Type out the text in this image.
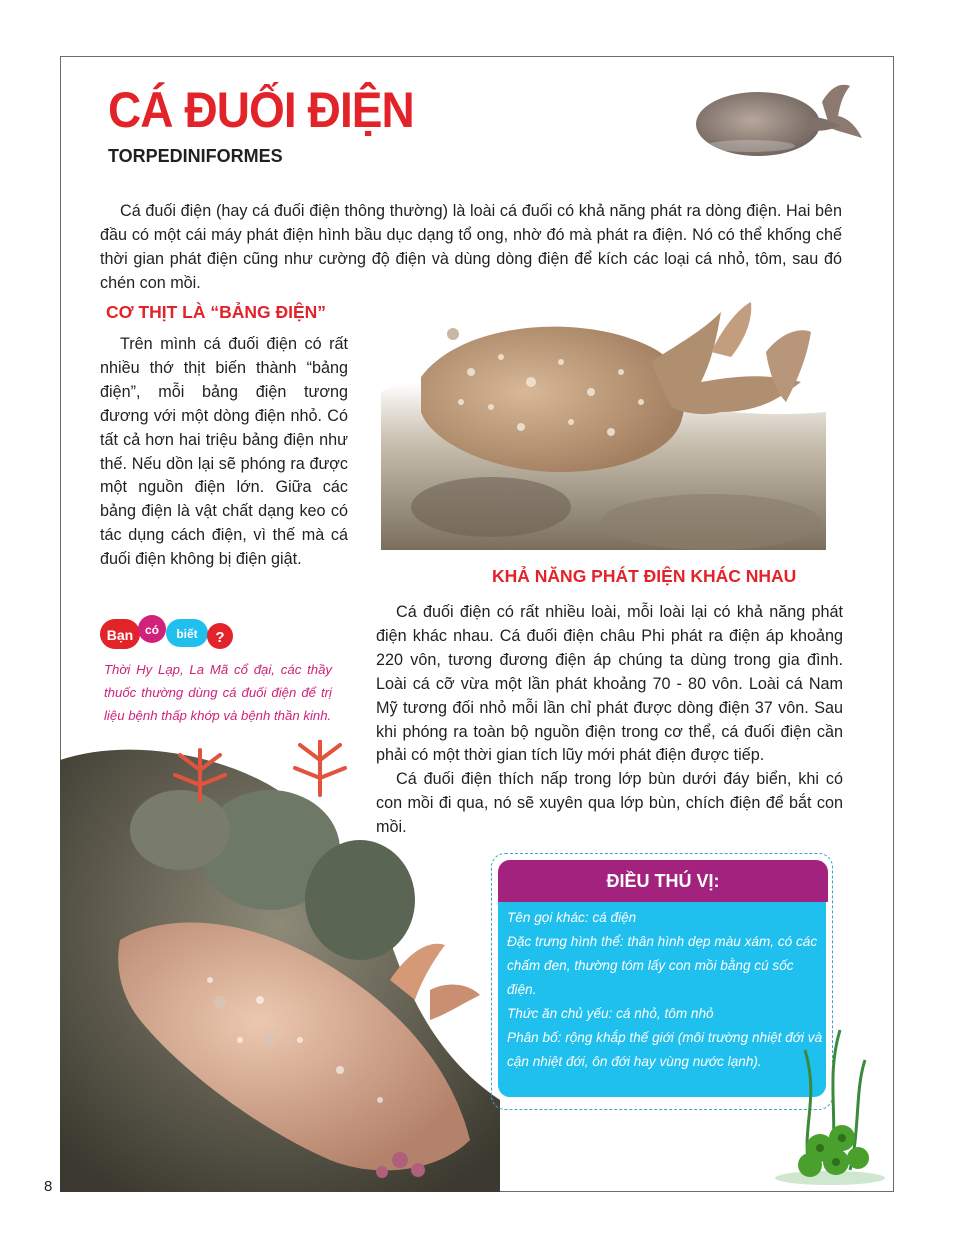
CÁ ĐUỐI ĐIỆN
TORPEDINIFORMES

Cá đuối điện (hay cá đuối điện thông thường) là loài cá đuối có khả năng phát ra dòng điện. Hai bên đầu có một cái máy phát điện hình bầu dục dạng tổ ong, nhờ đó mà phát ra điện. Nó có thể khống chế thời gian phát điện cũng như cường độ điện và dùng dòng điện để kích các loại cá nhỏ, tôm, sau đó chén con mồi.

CƠ THỊT LÀ “BẢNG ĐIỆN”

Trên mình cá đuối điện có rất nhiều thớ thịt biến thành “bảng điện”, mỗi bảng điện tương đương với một dòng điện nhỏ. Có tất cả hơn hai triệu bảng điện như thế. Nếu dồn lại sẽ phóng ra được một nguồn điện lớn. Giữa các bảng điện là vật chất dạng keo có tác dụng cách điện, vì thế mà cá đuối điện không bị điện giật.

KHẢ NĂNG PHÁT ĐIỆN KHÁC NHAU

Cá đuối điện có rất nhiều loài, mỗi loài lại có khả năng phát điện khác nhau. Cá đuối điện châu Phi phát ra điện áp khoảng 220 vôn, tương đương điện áp chúng ta dùng trong gia đình. Loài cá cỡ vừa một lần phát khoảng 70 - 80 vôn. Loài cá Nam Mỹ tương đối nhỏ mỗi lần chỉ phát được dòng điện 37 vôn. Sau khi phóng ra toàn bộ nguồn điện trong cơ thể, cá đuối điện cần phải có một thời gian tích lũy mới phát điện được tiếp.

Cá đuối điện thích nấp trong lớp bùn dưới đáy biển, khi có con mồi đi qua, nó sẽ xuyên qua lớp bùn, chích điện để bắt con mồi.

Bạn có biết ?

Thời Hy Lạp, La Mã cổ đại, các thầy thuốc thường dùng cá đuối điện để trị liệu bệnh thấp khớp và bệnh thần kinh.

ĐIỀU THÚ VỊ:
Tên gọi khác: cá điện
Đặc trưng hình thể: thân hình dẹp màu xám, có các chấm đen, thường tóm lấy con mồi bằng cú sốc điện.
Thức ăn chủ yếu: cá nhỏ, tôm nhỏ
Phân bố: rộng khắp thế giới (môi trường nhiệt đới và cận nhiệt đới, ôn đới hay vùng nước lạnh).
8
